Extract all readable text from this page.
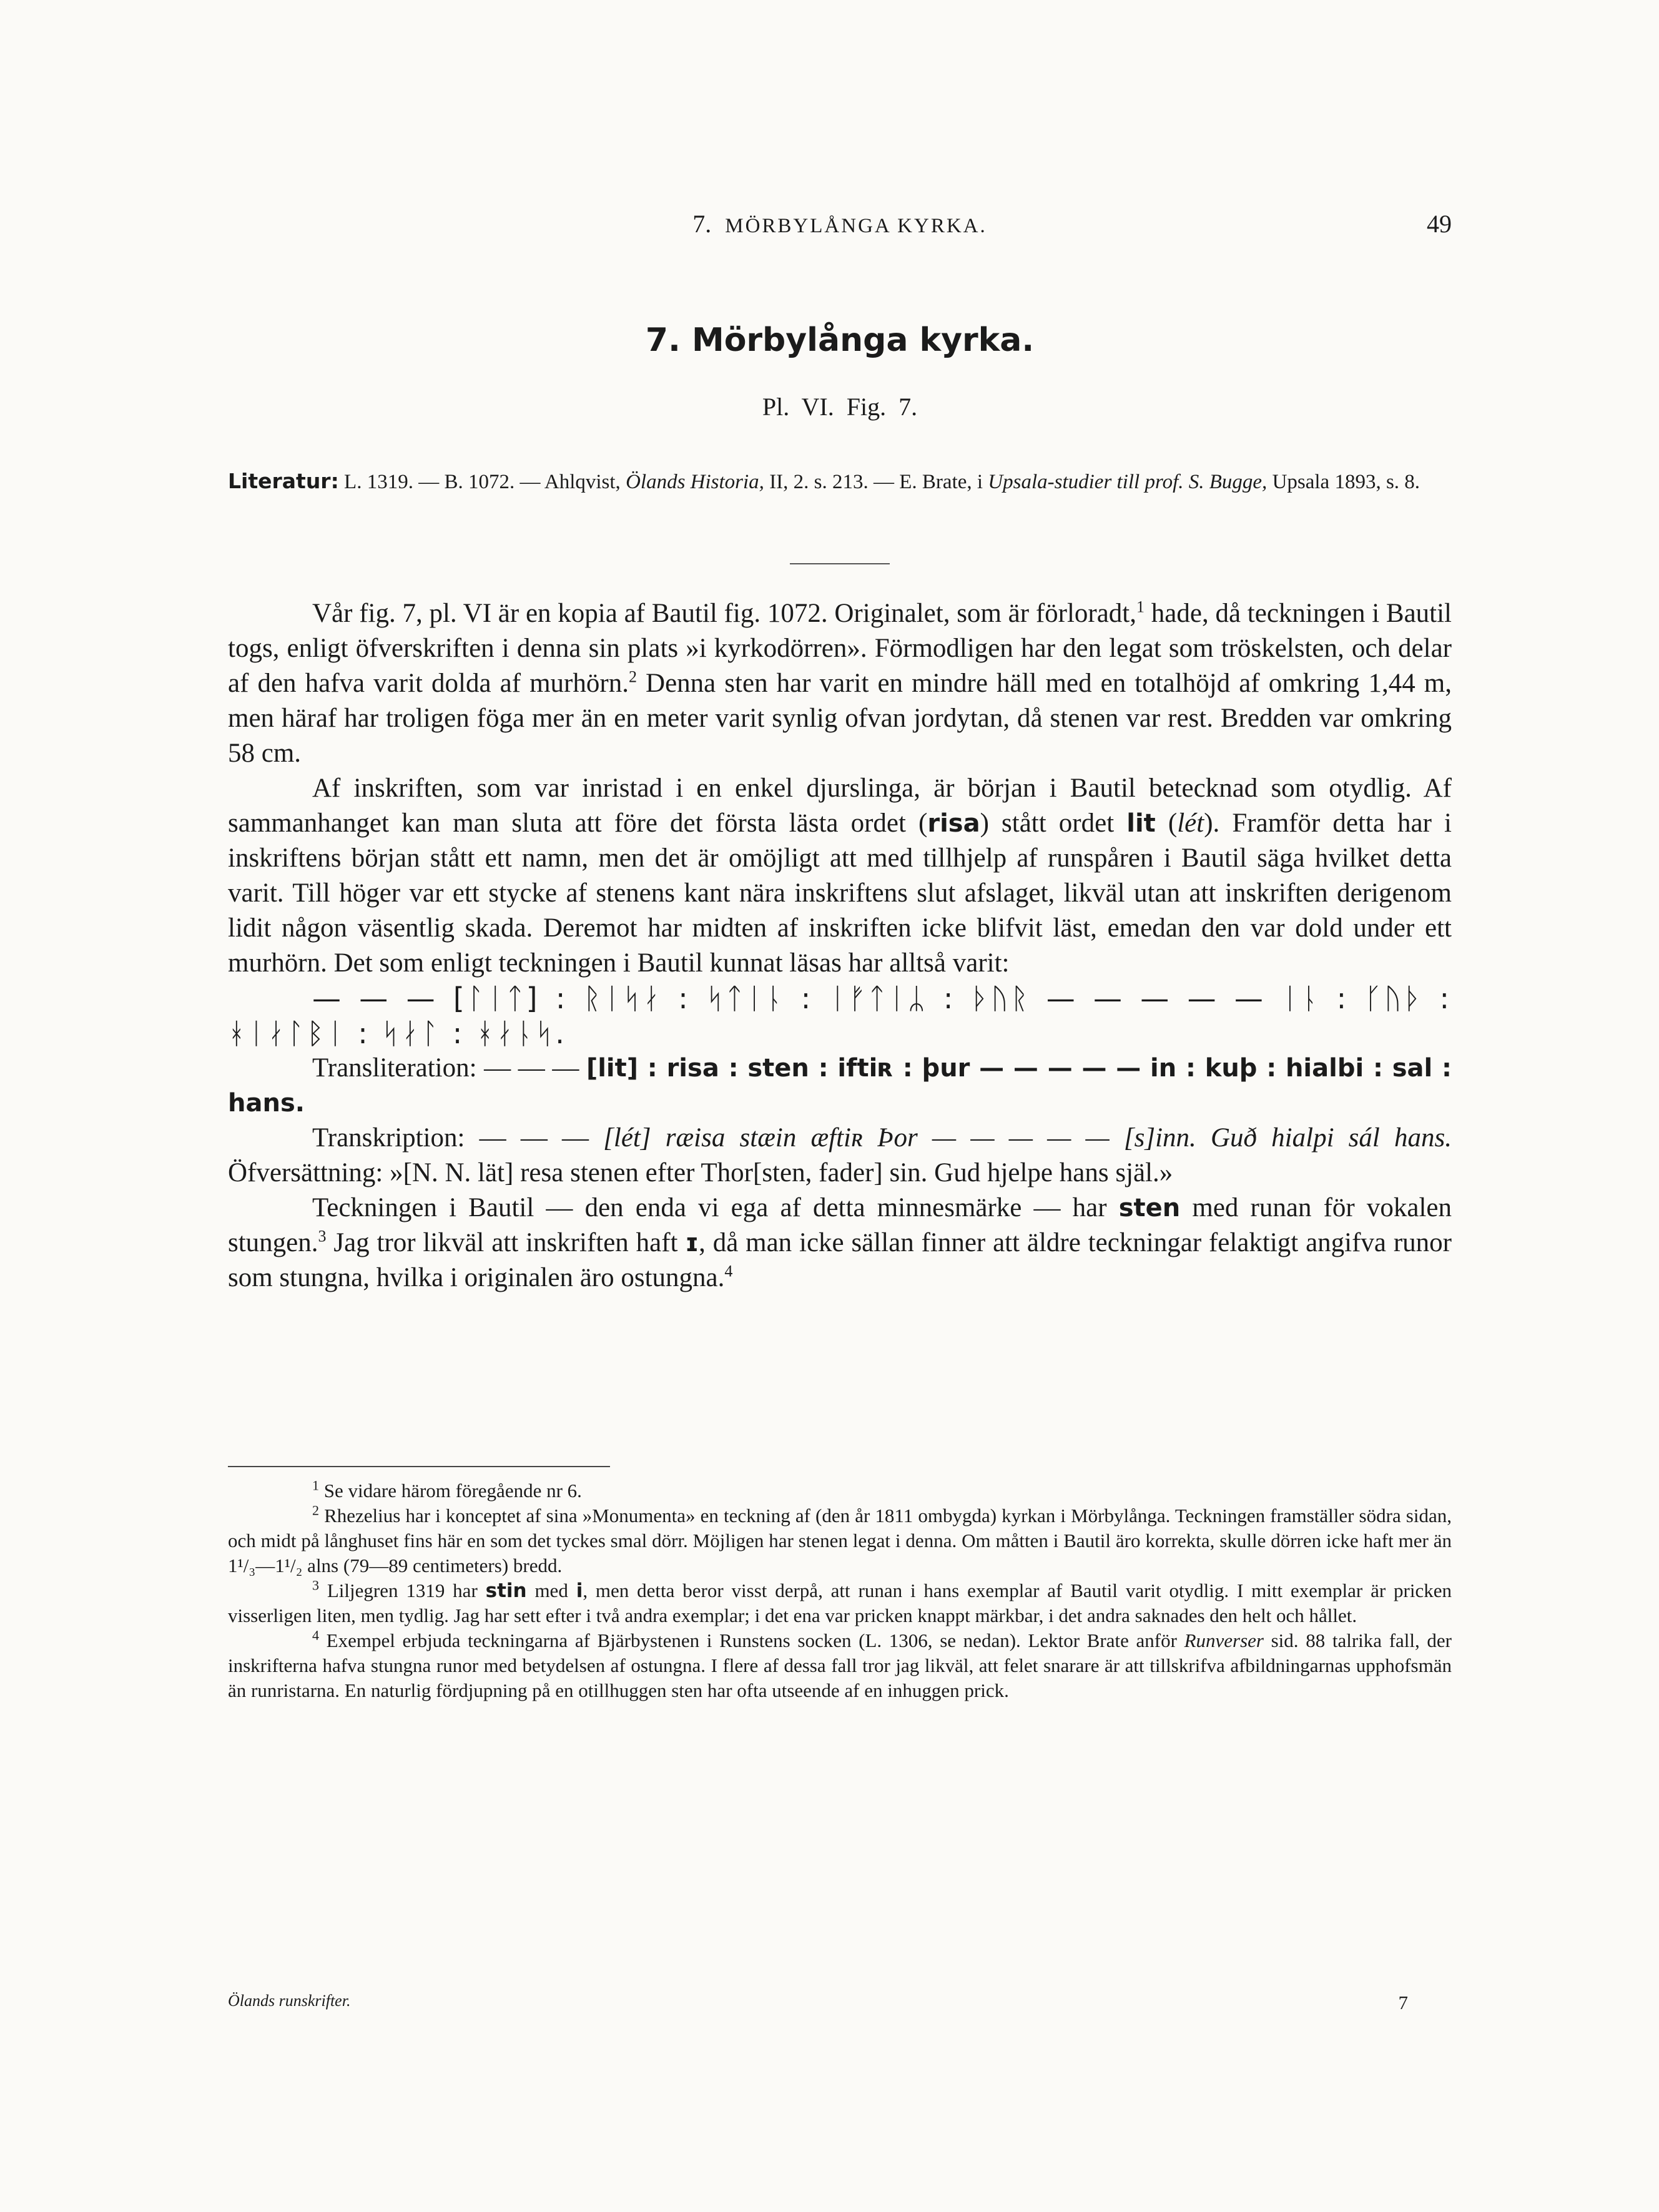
7. MÖRBYLÅNGA KYRKA.	49
7. Mörbylånga kyrka.
Pl. VI. Fig. 7.
Literatur: L. 1319. — B. 1072. — Ahlqvist, Ölands Historia, II, 2. s. 213. — E. Brate, i Upsala-studier till prof. S. Bugge, Upsala 1893, s. 8.

Vår fig. 7, pl. VI är en kopia af Bautil fig. 1072. Originalet, som är förloradt,$^1$ hade, då teckningen i Bautil togs, enligt öfverskriften i denna sin plats »i kyrkodörren». Förmodligen har den legat som tröskelsten, och delar af den hafva varit dolda af murhörn.$^2$ Denna sten har varit en mindre häll med en totalhöjd af omkring 1,44 m, men häraf har troligen föga mer än en meter varit synlig ofvan jordytan, då stenen var rest. Bredden var omkring 58 cm.

Af inskriften, som var inristad i en enkel djurslinga, är början i Bautil betecknad som otydlig. Af sammanhanget kan man sluta att före det första lästa ordet (risa) stått ordet lit (lét). Framför detta har i inskriftens början stått ett namn, men det är omöjligt att med tillhjelp af runspåren i Bautil säga hvilket detta varit. Till höger var ett stycke af stenens kant nära inskriftens slut afslaget, likväl utan att inskriften derigenom lidit någon väsentlig skada. Deremot har midten af inskriften icke blifvit läst, emedan den var dold under ett murhörn. Det som enligt teckningen i Bautil kunnat läsas har alltså varit:

— — — [ᛚᛁᛏ] : ᚱᛁᛋᛅ : ᛋᛏᛁᚿ : ᛁᚠᛏᛁᛦ : ᚦᚢᚱ — — — — — ᛁᚿ : ᚴᚢᚦ : ᚼᛁᛅᛚᛒᛁ : ᛋᛅᛚ : ᚼᛅᚿᛋ.

Transliteration: — — — [lit] : risa : sten : iftiʀ : þur — — — — — in : kuþ : hialbi : sal : hans.

Transkription: — — — [lét] ræisa stæin æftiʀ Þor — — — — — [s]inn. Guð hialpi sál hans. Öfversättning: »[N. N. lät] resa stenen efter Thor[sten, fader] sin. Gud hjelpe hans själ.»

Teckningen i Bautil — den enda vi ega af detta minnesmärke — har sten med runan för vokalen stungen.$^3$ Jag tror likväl att inskriften haft ɪ, då man icke sällan finner att äldre teckningar felaktigt angifva runor som stungna, hvilka i originalen äro ostungna.$^4$

$^1$ Se vidare härom föregående nr 6.

$^2$ Rhezelius har i konceptet af sina »Monumenta» en teckning af (den år 1811 ombygda) kyrkan i Mörbylånga. Teckningen framställer södra sidan, och midt på långhuset fins här en som det tyckes smal dörr. Möjligen har stenen legat i denna. Om måtten i Bautil äro korrekta, skulle dörren icke haft mer än 1¹/₃—1¹/₂ alns (79—89 centimeters) bredd.

$^3$ Liljegren 1319 har stin med i, men detta beror visst derpå, att runan i hans exemplar af Bautil varit otydlig. I mitt exemplar är pricken visserligen liten, men tydlig. Jag har sett efter i två andra exemplar; i det ena var pricken knappt märkbar, i det andra saknades den helt och hållet.

$^4$ Exempel erbjuda teckningarna af Bjärbystenen i Runstens socken (L. 1306, se nedan). Lektor Brate anför Runverser sid. 88 talrika fall, der inskrifterna hafva stungna runor med betydelsen af ostungna. I flere af dessa fall tror jag likväl, att felet snarare är att tillskrifva afbildningarnas upphofsmän än runristarna. En naturlig fördjupning på en otillhuggen sten har ofta utseende af en inhuggen prick.

Ölands runskrifter.	7
